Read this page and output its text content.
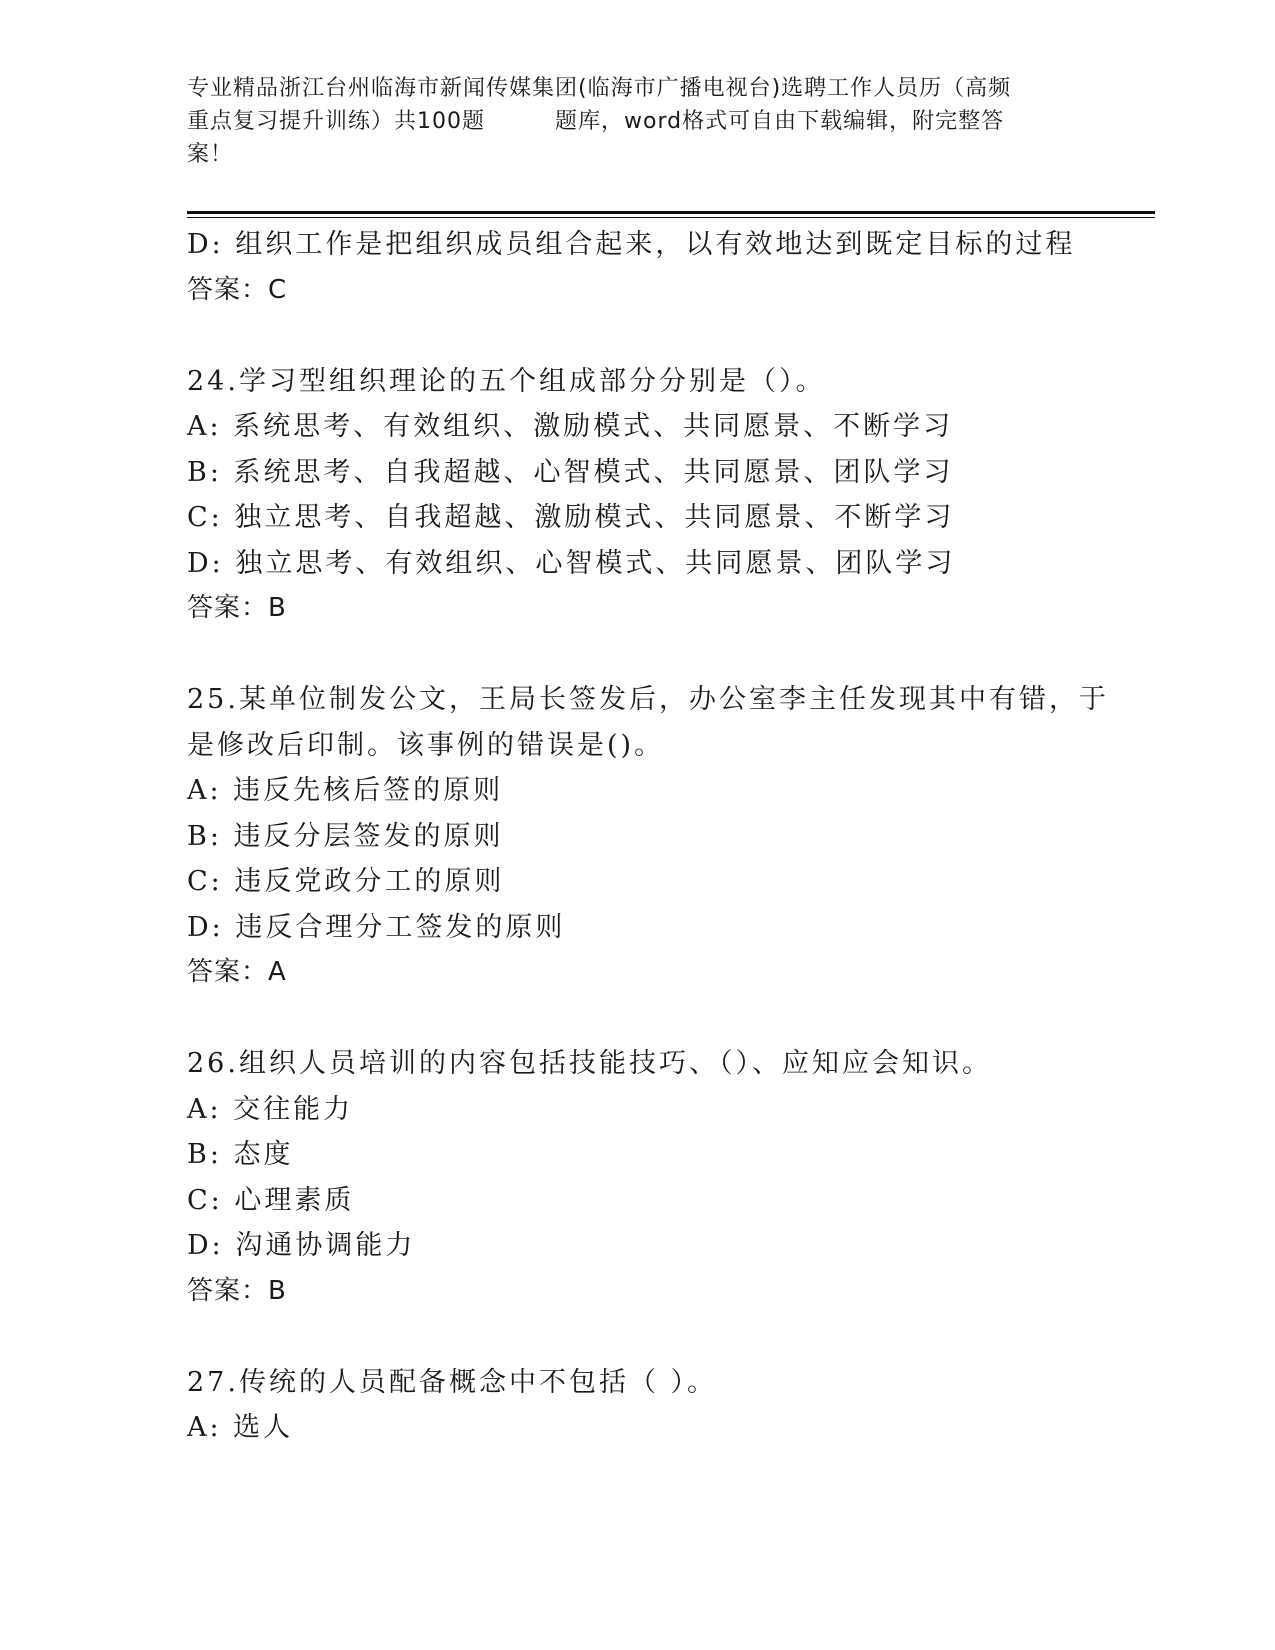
专业精品浙江台州临海市新闻传媒集团(临海市广播电视台)选聘工作人员历（高频
重点复习提升训练）共100题	题库，word格式可自由下载编辑，附完整答
案！
D: 组织工作是把组织成员组合起来，以有效地达到既定目标的过程
答案：C
24.学习型组织理论的五个组成部分分别是（）。
A: 系统思考、有效组织、激励模式、共同愿景、不断学习
B: 系统思考、自我超越、心智模式、共同愿景、团队学习
C: 独立思考、自我超越、激励模式、共同愿景、不断学习
D: 独立思考、有效组织、心智模式、共同愿景、团队学习
答案：B
25.某单位制发公文，王局长签发后，办公室李主任发现其中有错，于
是修改后印制。该事例的错误是()。
A: 违反先核后签的原则
B: 违反分层签发的原则
C: 违反党政分工的原则
D: 违反合理分工签发的原则
答案：A
26.组织人员培训的内容包括技能技巧、（）、应知应会知识。
A: 交往能力
B: 态度
C: 心理素质
D: 沟通协调能力
答案：B
27.传统的人员配备概念中不包括（ ）。
A: 选人
